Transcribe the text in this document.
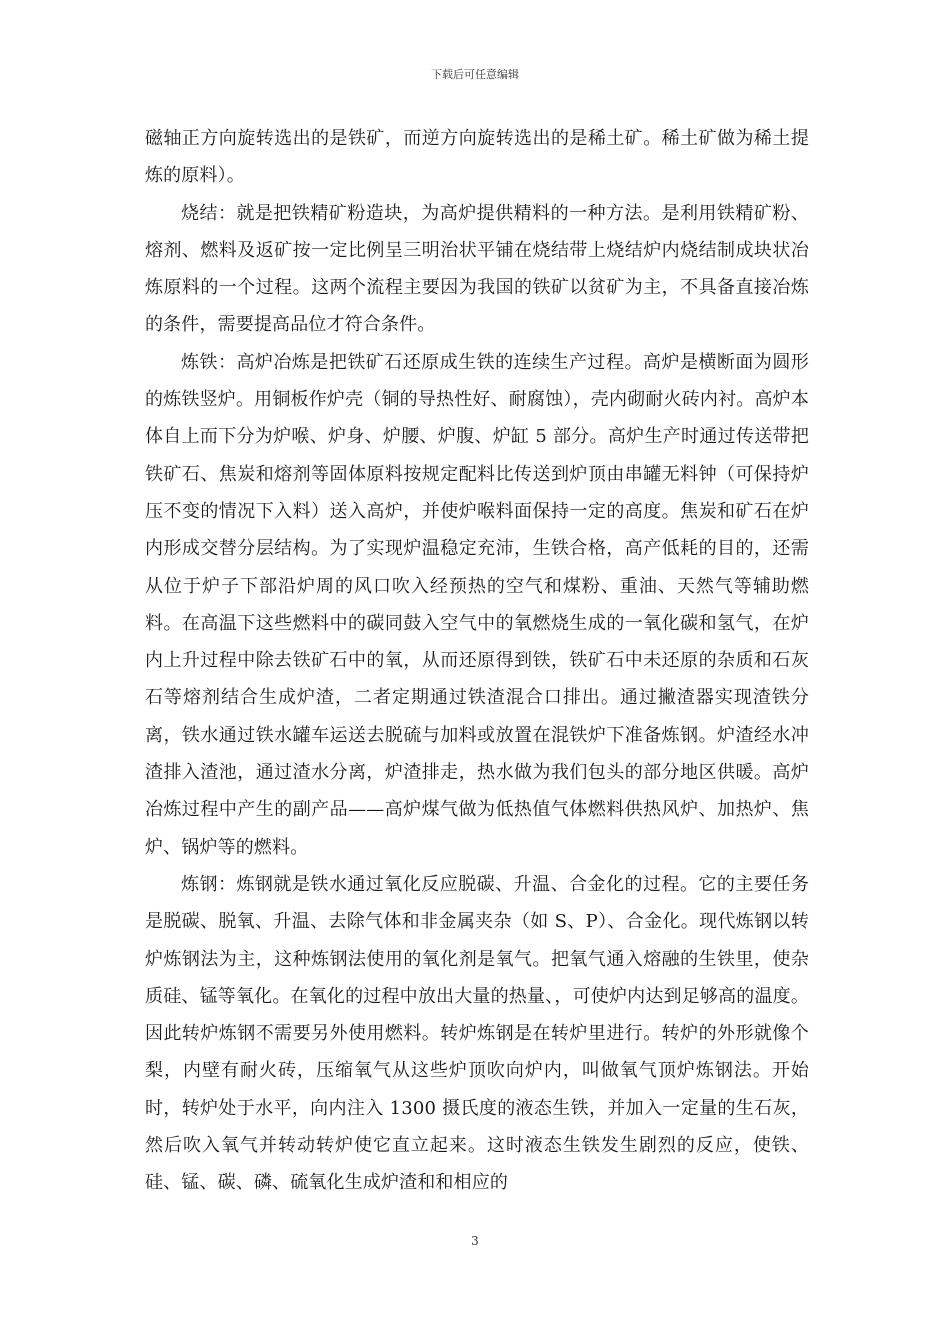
下载后可任意编辑

磁轴正方向旋转选出的是铁矿，而逆方向旋转选出的是稀土矿。稀土矿做为稀土提炼的原料）。

烧结：就是把铁精矿粉造块，为高炉提供精料的一种方法。是利用铁精矿粉、熔剂、燃料及返矿按一定比例呈三明治状平铺在烧结带上烧结炉内烧结制成块状冶炼原料的一个过程。这两个流程主要因为我国的铁矿以贫矿为主，不具备直接冶炼的条件，需要提高品位才符合条件。

炼铁：高炉冶炼是把铁矿石还原成生铁的连续生产过程。高炉是横断面为圆形的炼铁竖炉。用铜板作炉壳（铜的导热性好、耐腐蚀），壳内砌耐火砖内衬。高炉本体自上而下分为炉喉、炉身、炉腰、炉腹、炉缸 5 部分。高炉生产时通过传送带把铁矿石、焦炭和熔剂等固体原料按规定配料比传送到炉顶由串罐无料钟（可保持炉压不变的情况下入料）送入高炉，并使炉喉料面保持一定的高度。焦炭和矿石在炉内形成交替分层结构。为了实现炉温稳定充沛，生铁合格，高产低耗的目的，还需从位于炉子下部沿炉周的风口吹入经预热的空气和煤粉、重油、天然气等辅助燃料。在高温下这些燃料中的碳同鼓入空气中的氧燃烧生成的一氧化碳和氢气，在炉内上升过程中除去铁矿石中的氧，从而还原得到铁，铁矿石中未还原的杂质和石灰石等熔剂结合生成炉渣，二者定期通过铁渣混合口排出。通过撇渣器实现渣铁分离，铁水通过铁水罐车运送去脱硫与加料或放置在混铁炉下准备炼钢。炉渣经水冲渣排入渣池，通过渣水分离，炉渣排走，热水做为我们包头的部分地区供暖。高炉冶炼过程中产生的副产品——高炉煤气做为低热值气体燃料供热风炉、加热炉、焦炉、锅炉等的燃料。

炼钢：炼钢就是铁水通过氧化反应脱碳、升温、合金化的过程。它的主要任务是脱碳、脱氧、升温、去除气体和非金属夹杂（如 S、P）、合金化。现代炼钢以转炉炼钢法为主，这种炼钢法使用的氧化剂是氧气。把氧气通入熔融的生铁里，使杂质硅、锰等氧化。在氧化的过程中放出大量的热量、，可使炉内达到足够高的温度。因此转炉炼钢不需要另外使用燃料。转炉炼钢是在转炉里进行。转炉的外形就像个梨，内壁有耐火砖，压缩氧气从这些炉顶吹向炉内，叫做氧气顶炉炼钢法。开始时，转炉处于水平，向内注入 1300 摄氏度的液态生铁，并加入一定量的生石灰，然后吹入氧气并转动转炉使它直立起来。这时液态生铁发生剧烈的反应，使铁、硅、锰、碳、磷、硫氧化生成炉渣和和相应的

3
